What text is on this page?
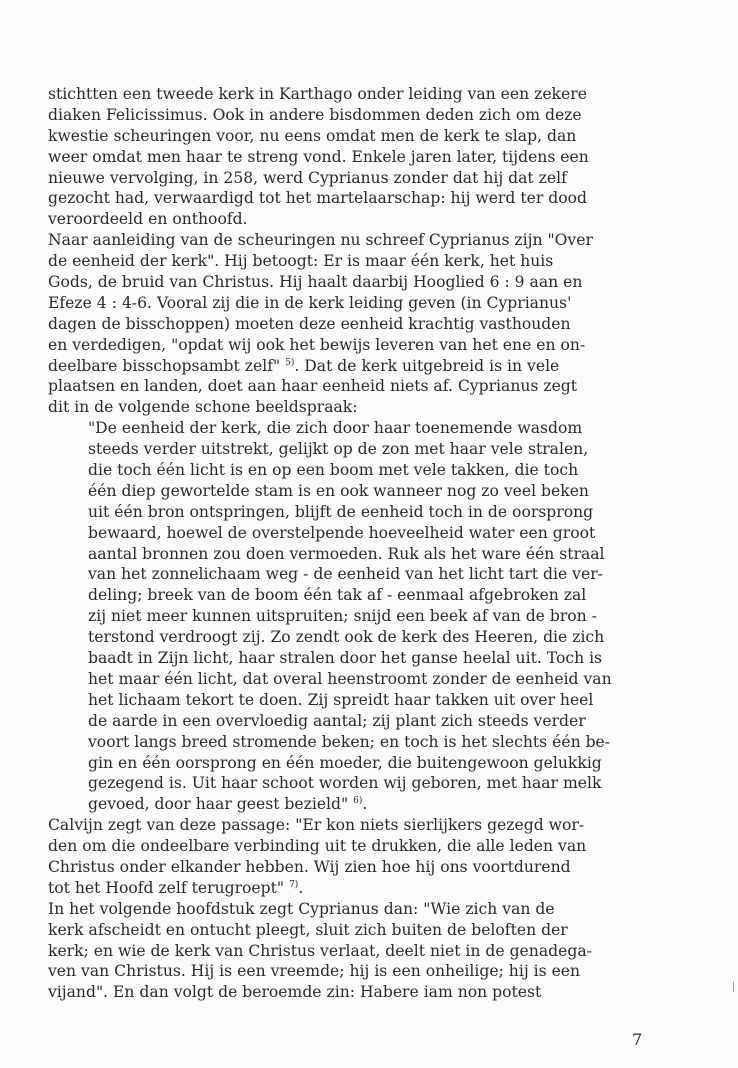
stichtten een tweede kerk in Karthago onder leiding van een zekere
diaken Felicissimus. Ook in andere bisdommen deden zich om deze
kwestie scheuringen voor, nu eens omdat men de kerk te slap, dan
weer omdat men haar te streng vond. Enkele jaren later, tijdens een
nieuwe vervolging, in 258, werd Cyprianus zonder dat hij dat zelf
gezocht had, verwaardigd tot het martelaarschap: hij werd ter dood
veroordeeld en onthoofd.
Naar aanleiding van de scheuringen nu schreef Cyprianus zijn "Over
de eenheid der kerk". Hij betoogt: Er is maar één kerk, het huis
Gods, de bruid van Christus. Hij haalt daarbij Hooglied 6 : 9 aan en
Efeze 4 : 4-6. Vooral zij die in de kerk leiding geven (in Cyprianus'
dagen de bisschoppen) moeten deze eenheid krachtig vasthouden
en verdedigen, "opdat wij ook het bewijs leveren van het ene en on-
deelbare bisschopsambt zelf" $^{5)}$. Dat de kerk uitgebreid is in vele
plaatsen en landen, doet aan haar eenheid niets af. Cyprianus zegt
dit in de volgende schone beeldspraak:
"De eenheid der kerk, die zich door haar toenemende wasdom
steeds verder uitstrekt, gelijkt op de zon met haar vele stralen,
die toch één licht is en op een boom met vele takken, die toch
één diep gewortelde stam is en ook wanneer nog zo veel beken
uit één bron ontspringen, blijft de eenheid toch in de oorsprong
bewaard, hoewel de overstelpende hoeveelheid water een groot
aantal bronnen zou doen vermoeden. Ruk als het ware één straal
van het zonnelichaam weg - de eenheid van het licht tart die ver-
deling; breek van de boom één tak af - eenmaal afgebroken zal
zij niet meer kunnen uitspruiten; snijd een beek af van de bron -
terstond verdroogt zij. Zo zendt ook de kerk des Heeren, die zich
baadt in Zijn licht, haar stralen door het ganse heelal uit. Toch is
het maar één licht, dat overal heenstroomt zonder de eenheid van
het lichaam tekort te doen. Zij spreidt haar takken uit over heel
de aarde in een overvloedig aantal; zij plant zich steeds verder
voort langs breed stromende beken; en toch is het slechts één be-
gin en één oorsprong en één moeder, die buitengewoon gelukkig
gezegend is. Uit haar schoot worden wij geboren, met haar melk
gevoed, door haar geest bezield" $^{6)}$.
Calvijn zegt van deze passage: "Er kon niets sierlijkers gezegd wor-
den om die ondeelbare verbinding uit te drukken, die alle leden van
Christus onder elkander hebben. Wij zien hoe hij ons voortdurend
tot het Hoofd zelf terugroept" $^{7)}$.
In het volgende hoofdstuk zegt Cyprianus dan: "Wie zich van de
kerk afscheidt en ontucht pleegt, sluit zich buiten de beloften der
kerk; en wie de kerk van Christus verlaat, deelt niet in de genadega-
ven van Christus. Hij is een vreemde; hij is een onheilige; hij is een
vijand". En dan volgt de beroemde zin: Habere iam non potest
7
